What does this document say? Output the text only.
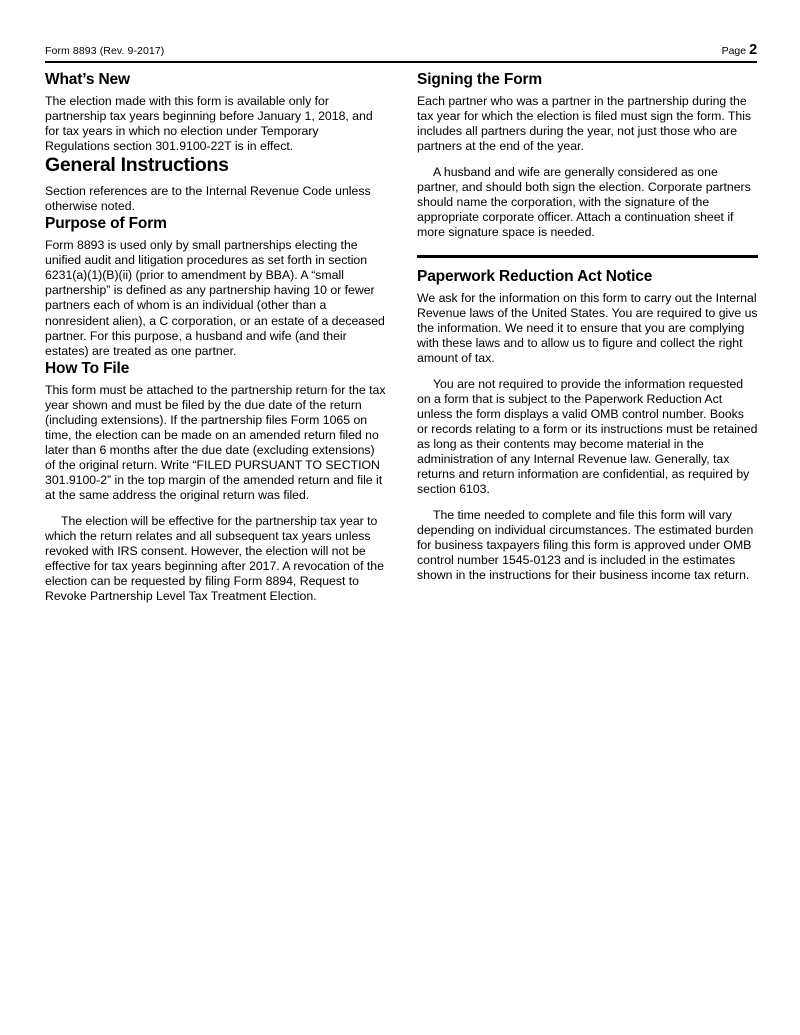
Form 8893 (Rev. 9-2017)	Page 2
What’s New

The election made with this form is available only for partnership tax years beginning before January 1, 2018, and for tax years in which no election under Temporary Regulations section 301.9100-22T is in effect.

General Instructions

Section references are to the Internal Revenue Code unless otherwise noted.

Purpose of Form

Form 8893 is used only by small partnerships electing the unified audit and litigation procedures as set forth in section 6231(a)(1)(B)(ii) (prior to amendment by BBA). A “small partnership” is defined as any partnership having 10 or fewer partners each of whom is an individual (other than a nonresident alien), a C corporation, or an estate of a deceased partner. For this purpose, a husband and wife (and their estates) are treated as one partner.

How To File

This form must be attached to the partnership return for the tax year shown and must be filed by the due date of the return (including extensions). If the partnership files Form 1065 on time, the election can be made on an amended return filed no later than 6 months after the due date (excluding extensions) of the original return. Write “FILED PURSUANT TO SECTION 301.9100-2” in the top margin of the amended return and file it at the same address the original return was filed.

The election will be effective for the partnership tax year to which the return relates and all subsequent tax years unless revoked with IRS consent. However, the election will not be effective for tax years beginning after 2017. A revocation of the election can be requested by filing Form 8894, Request to Revoke Partnership Level Tax Treatment Election.

Signing the Form

Each partner who was a partner in the partnership during the tax year for which the election is filed must sign the form. This includes all partners during the year, not just those who are partners at the end of the year.

A husband and wife are generally considered as one partner, and should both sign the election. Corporate partners should name the corporation, with the signature of the appropriate corporate officer. Attach a continuation sheet if more signature space is needed.

Paperwork Reduction Act Notice

We ask for the information on this form to carry out the Internal Revenue laws of the United States. You are required to give us the information. We need it to ensure that you are complying with these laws and to allow us to figure and collect the right amount of tax.

You are not required to provide the information requested on a form that is subject to the Paperwork Reduction Act unless the form displays a valid OMB control number. Books or records relating to a form or its instructions must be retained as long as their contents may become material in the administration of any Internal Revenue law. Generally, tax returns and return information are confidential, as required by section 6103.

The time needed to complete and file this form will vary depending on individual circumstances. The estimated burden for business taxpayers filing this form is approved under OMB control number 1545-0123 and is included in the estimates shown in the instructions for their business income tax return.
